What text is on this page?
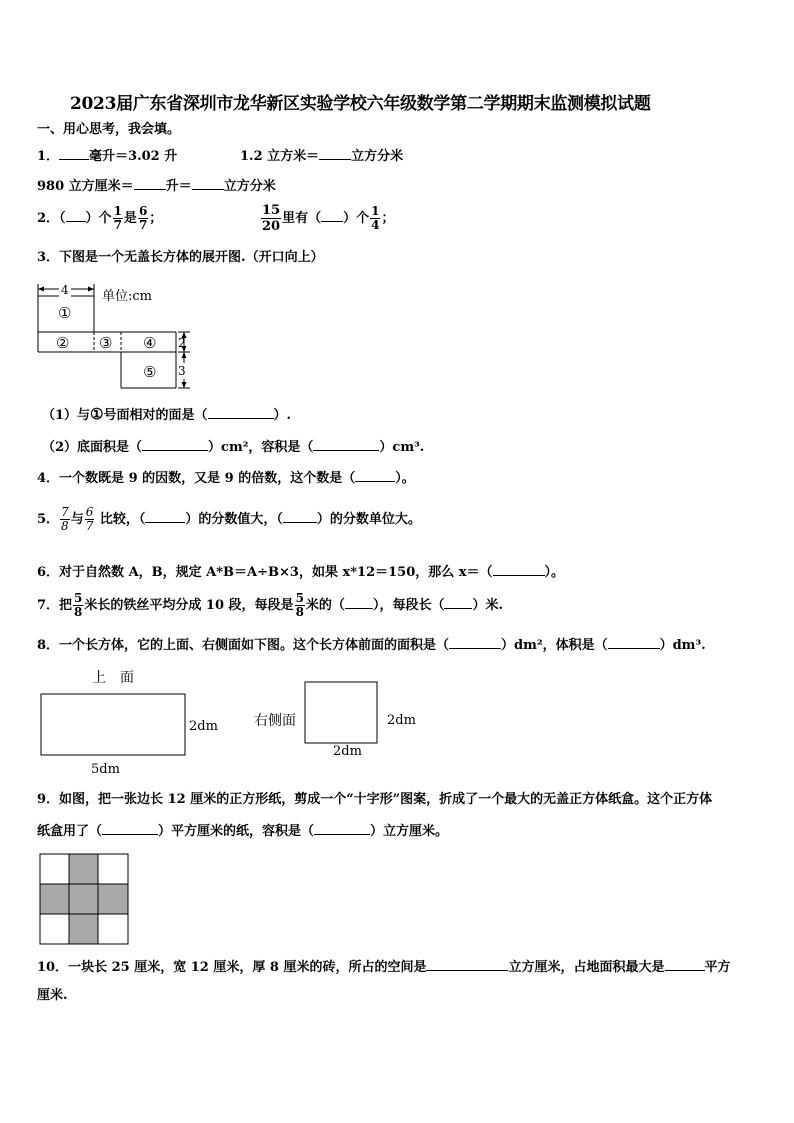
2023届广东省深圳市龙华新区实验学校六年级数学第二学期期末监测模拟试题
一、用心思考，我会填。
1． 毫升＝3.02 升	1.2 立方米＝ 立方分米
980 立方厘米＝ 升＝ 立方分米
2．（ ）个 $\frac{1}{7}$ 是 $\frac{6}{7}$ ；	$\frac{15}{20}$ 里有（ ）个 $\frac{1}{4}$ ；
3．下图是一个无盖长方体的展开图.（开口向上）
4	单位:cm
①
② ③ ④
⑤
2
3
（1）与①号面相对的面是（	）.
（2）底面积是（	）cm²，容积是（	）cm³.
4．一个数既是 9 的因数，又是 9 的倍数，这个数是（	）。
5． $\frac{7}{8}$ 与 $\frac{6}{7}$ 比较，（	）的分数值大，（	）的分数单位大。
6．对于自然数 A，B，规定 A*B＝A÷B×3，如果 x*12＝150，那么 x＝（	）。
7．把 $\frac{5}{8}$ 米长的铁丝平均分成 10 段，每段是 $\frac{5}{8}$ 米的（ ），每段长（ ）米.
8．一个长方体，它的上面、右侧面如下图。这个长方体前面的面积是（	）dm²，体积是（	）dm³.
上　面
2dm
5dm
右侧面	2dm
2dm
9．如图，把一张边长 12 厘米的正方形纸，剪成一个“十字形”图案，折成了一个最大的无盖正方体纸盒。这个正方体
纸盒用了（	）平方厘米的纸，容积是（	）立方厘米。
10．一块长 25 厘米，宽 12 厘米，厚 8 厘米的砖，所占的空间是	立方厘米，占地面积最大是	平方
厘米.
